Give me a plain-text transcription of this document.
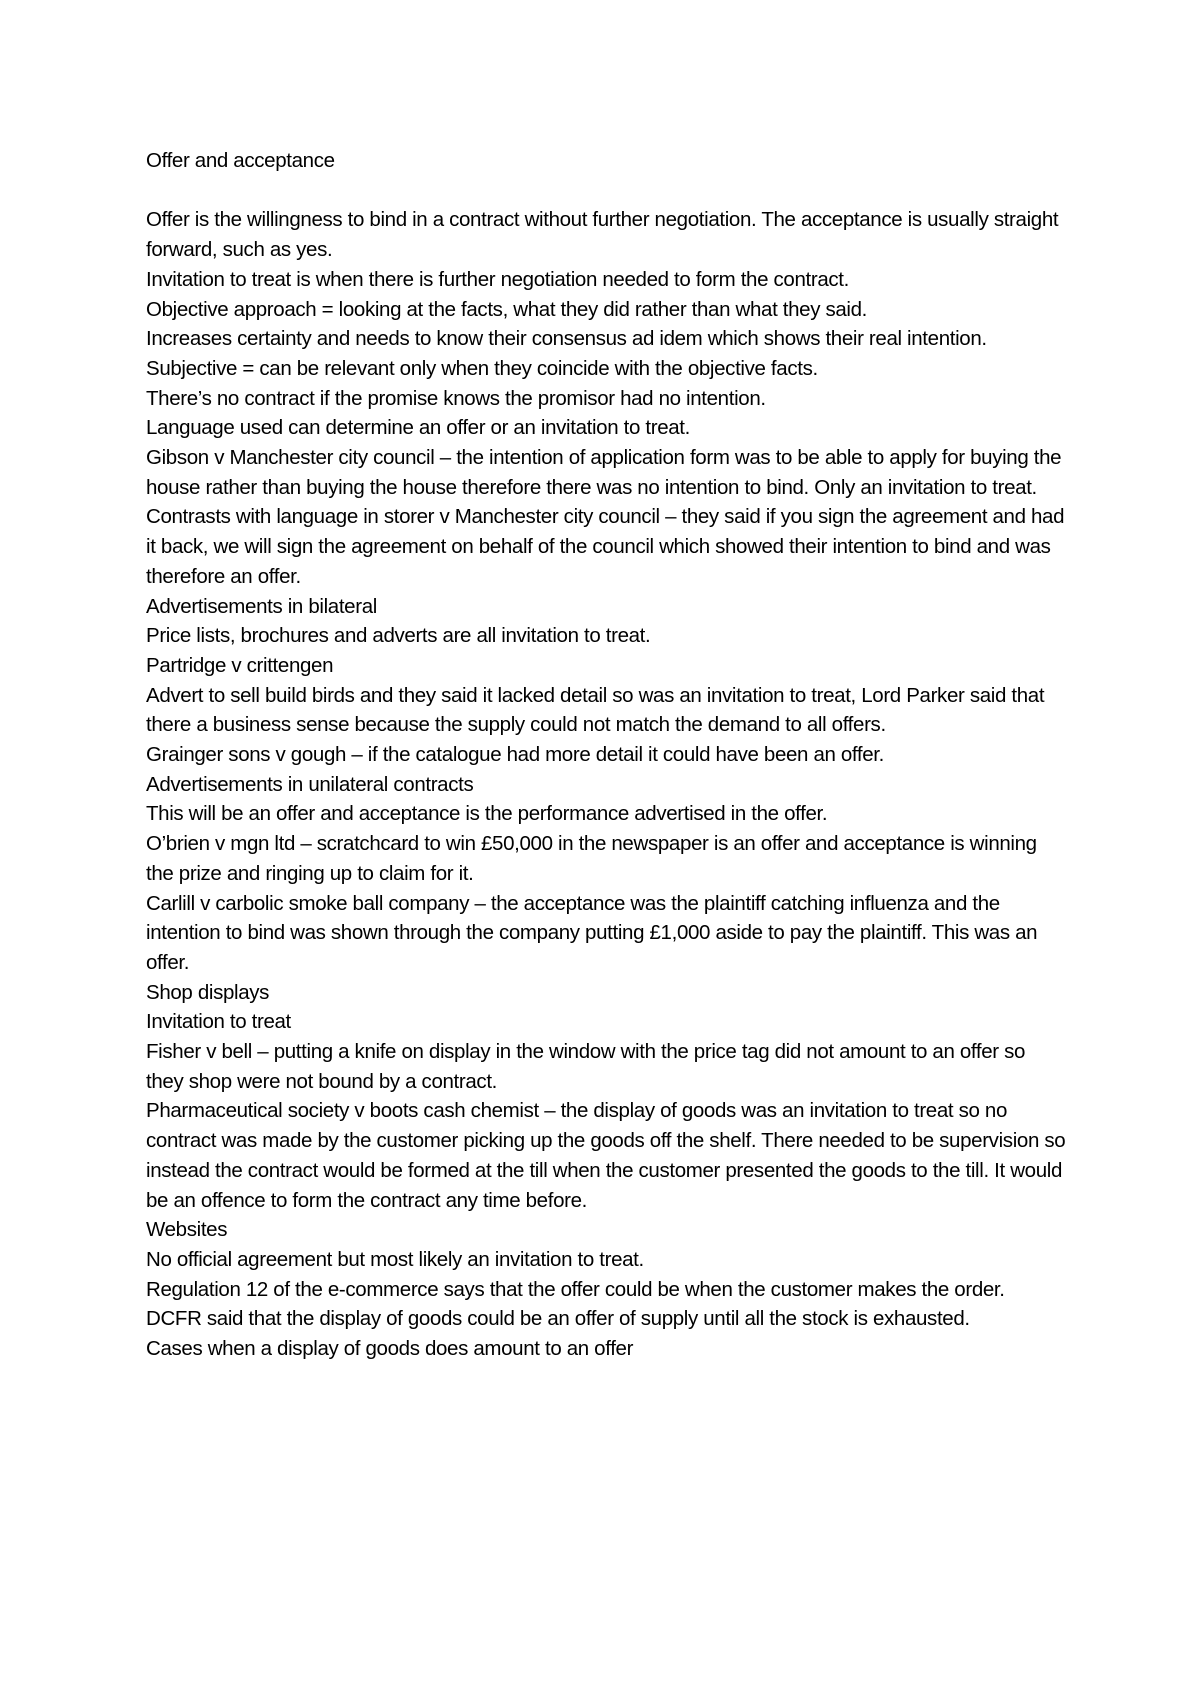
Offer and acceptance

Offer is the willingness to bind in a contract without further negotiation. The acceptance is usually straight forward, such as yes.

Invitation to treat is when there is further negotiation needed to form the contract.

Objective approach = looking at the facts, what they did rather than what they said.

Increases certainty and needs to know their consensus ad idem which shows their real intention.

Subjective = can be relevant only when they coincide with the objective facts.

There’s no contract if the promise knows the promisor had no intention.

Language used can determine an offer or an invitation to treat.

Gibson v Manchester city council – the intention of application form was to be able to apply for buying the house rather than buying the house therefore there was no intention to bind. Only an invitation to treat.

Contrasts with language in storer v Manchester city council – they said if you sign the agreement and had it back, we will sign the agreement on behalf of the council which showed their intention to bind and was therefore an offer.

Advertisements in bilateral

Price lists, brochures and adverts are all invitation to treat.

Partridge v crittengen

Advert to sell build birds and they said it lacked detail so was an invitation to treat, Lord Parker said that there a business sense because the supply could not match the demand to all offers.

Grainger sons v gough – if the catalogue had more detail it could have been an offer.

Advertisements in unilateral contracts

This will be an offer and acceptance is the performance advertised in the offer.

O’brien v mgn ltd – scratchcard to win £50,000 in the newspaper is an offer and acceptance is winning the prize and ringing up to claim for it.

Carlill v carbolic smoke ball company – the acceptance was the plaintiff catching influenza and the intention to bind was shown through the company putting £1,000 aside to pay the plaintiff. This was an offer.

Shop displays

Invitation to treat

Fisher v bell – putting a knife on display in the window with the price tag did not amount to an offer so they shop were not bound by a contract.

Pharmaceutical society v boots cash chemist – the display of goods was an invitation to treat so no contract was made by the customer picking up the goods off the shelf. There needed to be supervision so instead the contract would be formed at the till when the customer presented the goods to the till. It would be an offence to form the contract any time before.

Websites

No official agreement but most likely an invitation to treat.

Regulation 12 of the e-commerce says that the offer could be when the customer makes the order.

DCFR said that the display of goods could be an offer of supply until all the stock is exhausted.

Cases when a display of goods does amount to an offer
